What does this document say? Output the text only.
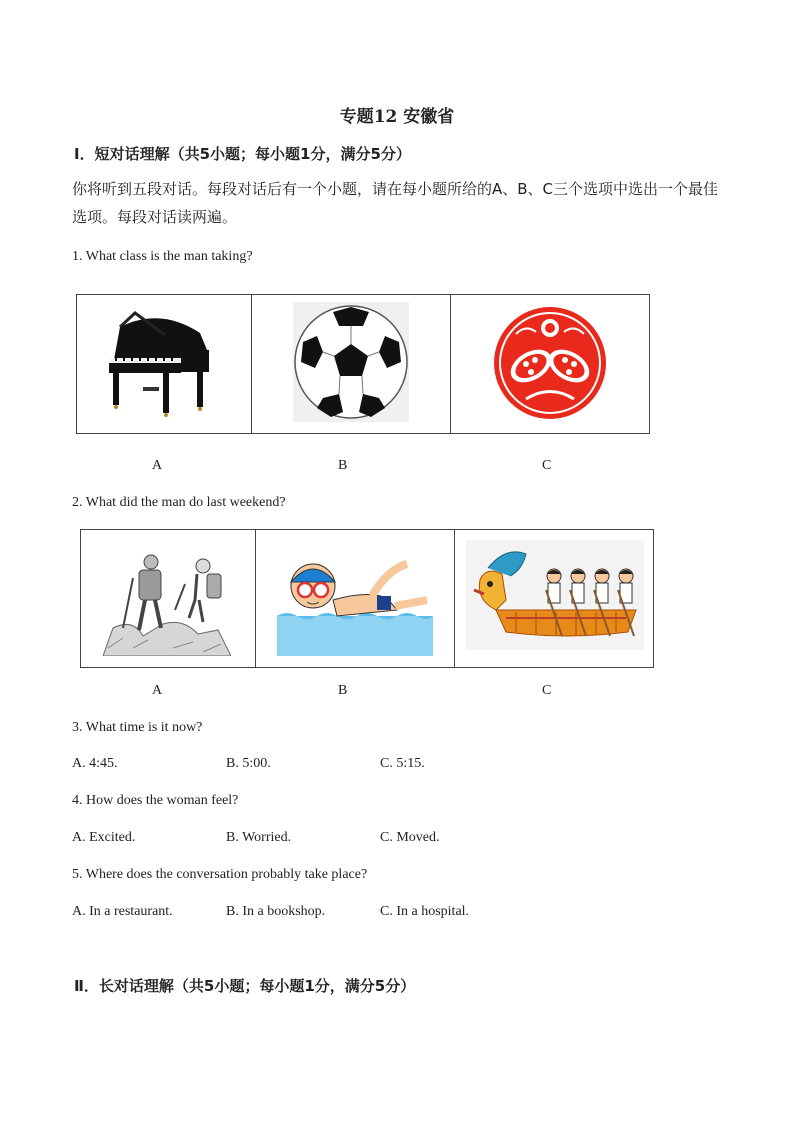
专题12 安徽省
Ⅰ．短对话理解（共5小题；每小题1分，满分5分）
你将听到五段对话。每段对话后有一个小题，请在每小题所给的A、B、C三个选项中选出一个最佳选项。每段对话读两遍。
1. What class is the man taking?

A	B	C
2. What did the man do last weekend?

A	B	C
3. What time is it now?
A. 4:45.	B. 5:00.	C. 5:15.
4. How does the woman feel?
A. Excited.	B. Worried.	C. Moved.
5. Where does the conversation probably take place?
A. In a restaurant.	B. In a bookshop.	C. In a hospital.
Ⅱ．长对话理解（共5小题；每小题1分，满分5分）
